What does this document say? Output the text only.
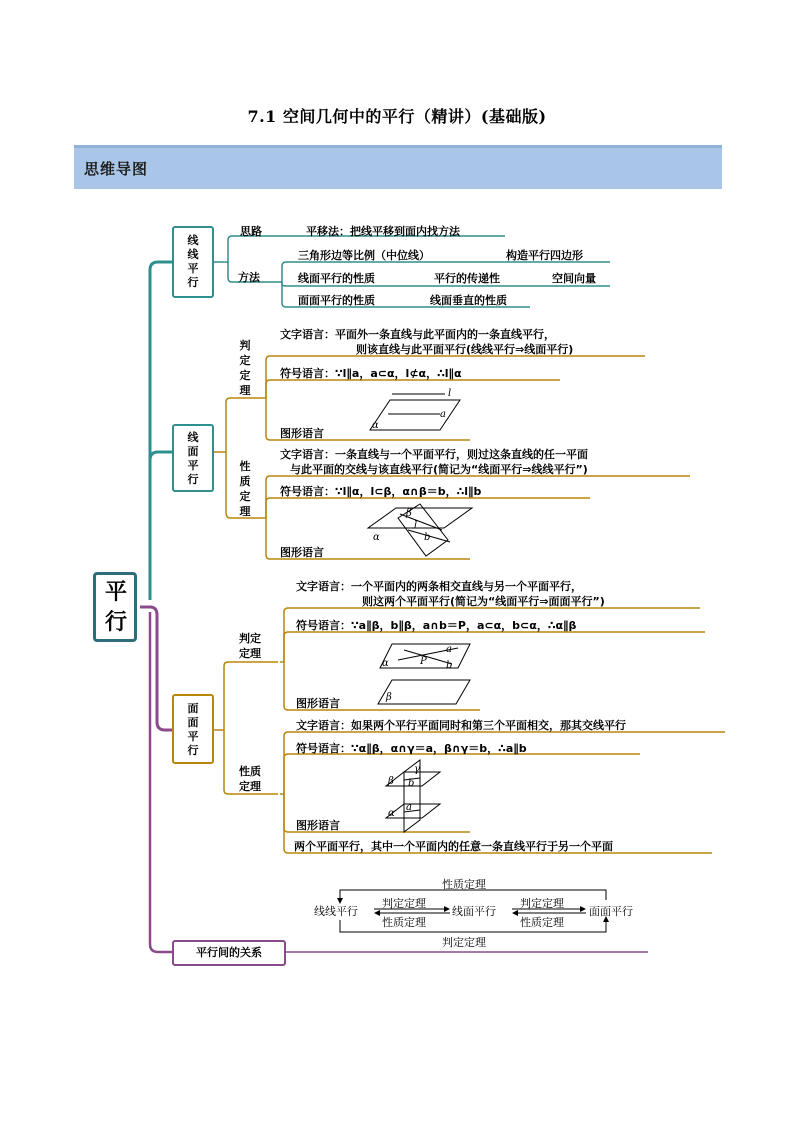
7.1 空间几何中的平行（精讲）(基础版)
思维导图
l
a
α
α
β
l
b
a
P b
α
β
γ
β b
a
α
平行
线
线
平
行
思路	平移法：把线平移到面内找方法
方法
三角形边等比例（中位线）	构造平行四边形
线面平行的性质	平行的传递性	空间向量
面面平行的性质	线面垂直的性质
线
面
平
行
判
定
定
理
文字语言：平面外一条直线与此平面内的一条直线平行，
则该直线与此平面平行(线线平行⇒线面平行)
符号语言：∵l∥a，a⊂α，l⊄α，∴l∥α
图形语言
性
质
定
理
文字语言：一条直线与一个平面平行，则过这条直线的任一平面
与此平面的交线与该直线平行(简记为“线面平行⇒线线平行”)
符号语言：∵l∥α，l⊂β，α∩β＝b，∴l∥b
图形语言
面
面
平
行
判定
定理
文字语言：一个平面内的两条相交直线与另一个平面平行，
则这两个平面平行(简记为“线面平行⇒面面平行”)
符号语言：∵a∥β，b∥β，a∩b＝P，a⊂α，b⊂α，∴α∥β
图形语言
性质
定理
文字语言：如果两个平行平面同时和第三个平面相交，那其交线平行
符号语言：∵α∥β，α∩γ＝a，β∩γ＝b，∴a∥b
图形语言
两个平面平行，其中一个平面内的任意一条直线平行于另一个平面
平行间的关系
性质定理
判定定理
性质定理
判定定理
性质定理
判定定理
线线平行	线面平行	面面平行
